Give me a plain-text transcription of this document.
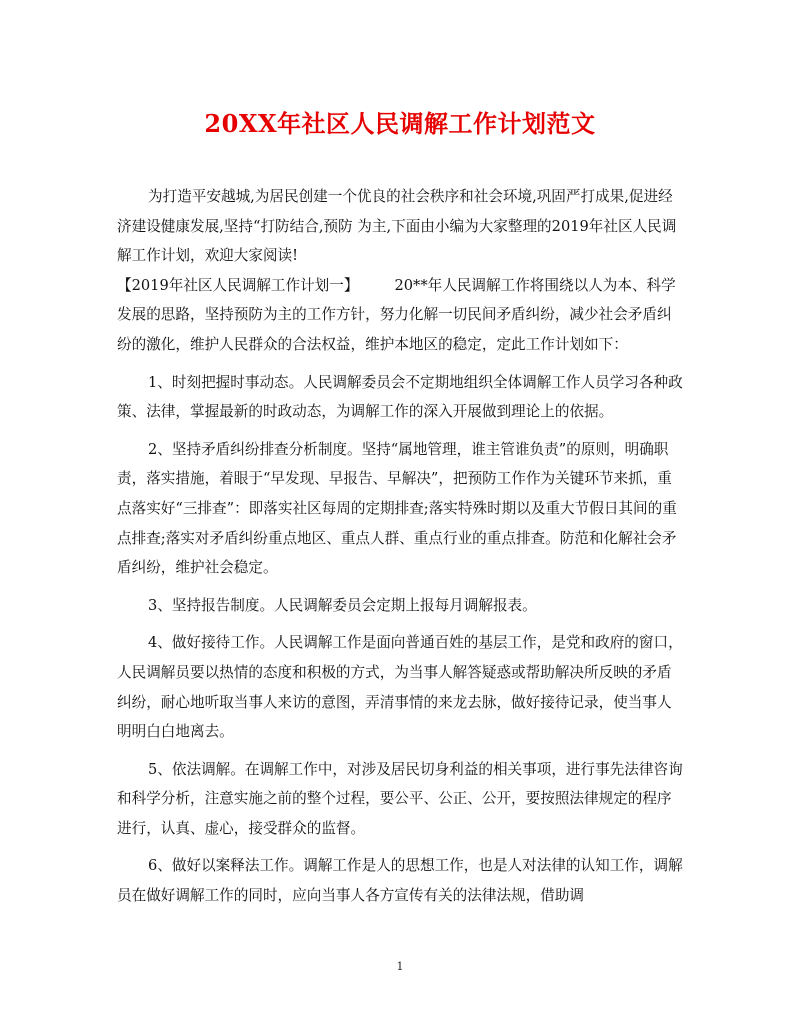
20XX年社区人民调解工作计划范文

为打造平安越城,为居民创建一个优良的社会秩序和社会环境,巩固严打成果,促进经济建设健康发展,坚持“打防结合,预防 为主,下面由小编为大家整理的2019年社区人民调解工作计划，欢迎大家阅读!

【2019年社区人民调解工作计划一】 20**年人民调解工作将围绕以人为本、科学发展的思路，坚持预防为主的工作方针，努力化解一切民间矛盾纠纷，减少社会矛盾纠纷的激化，维护人民群众的合法权益，维护本地区的稳定，定此工作计划如下：

1、时刻把握时事动态。人民调解委员会不定期地组织全体调解工作人员学习各种政策、法律，掌握最新的时政动态，为调解工作的深入开展做到理论上的依据。

2、坚持矛盾纠纷排查分析制度。坚持“属地管理，谁主管谁负责”的原则，明确职责，落实措施，着眼于“早发现、早报告、早解决”，把预防工作作为关键环节来抓，重点落实好“三排查”：即落实社区每周的定期排查;落实特殊时期以及重大节假日其间的重点排查;落实对矛盾纠纷重点地区、重点人群、重点行业的重点排查。防范和化解社会矛盾纠纷，维护社会稳定。

3、坚持报告制度。人民调解委员会定期上报每月调解报表。

4、做好接待工作。人民调解工作是面向普通百姓的基层工作，是党和政府的窗口，人民调解员要以热情的态度和积极的方式，为当事人解答疑惑或帮助解决所反映的矛盾纠纷，耐心地听取当事人来访的意图，弄清事情的来龙去脉，做好接待记录，使当事人明明白白地离去。

5、依法调解。在调解工作中，对涉及居民切身利益的相关事项，进行事先法律咨询和科学分析，注意实施之前的整个过程，要公平、公正、公开，要按照法律规定的程序进行，认真、虚心，接受群众的监督。

6、做好以案释法工作。调解工作是人的思想工作，也是人对法律的认知工作，调解员在做好调解工作的同时，应向当事人各方宣传有关的法律法规，借助调

1
